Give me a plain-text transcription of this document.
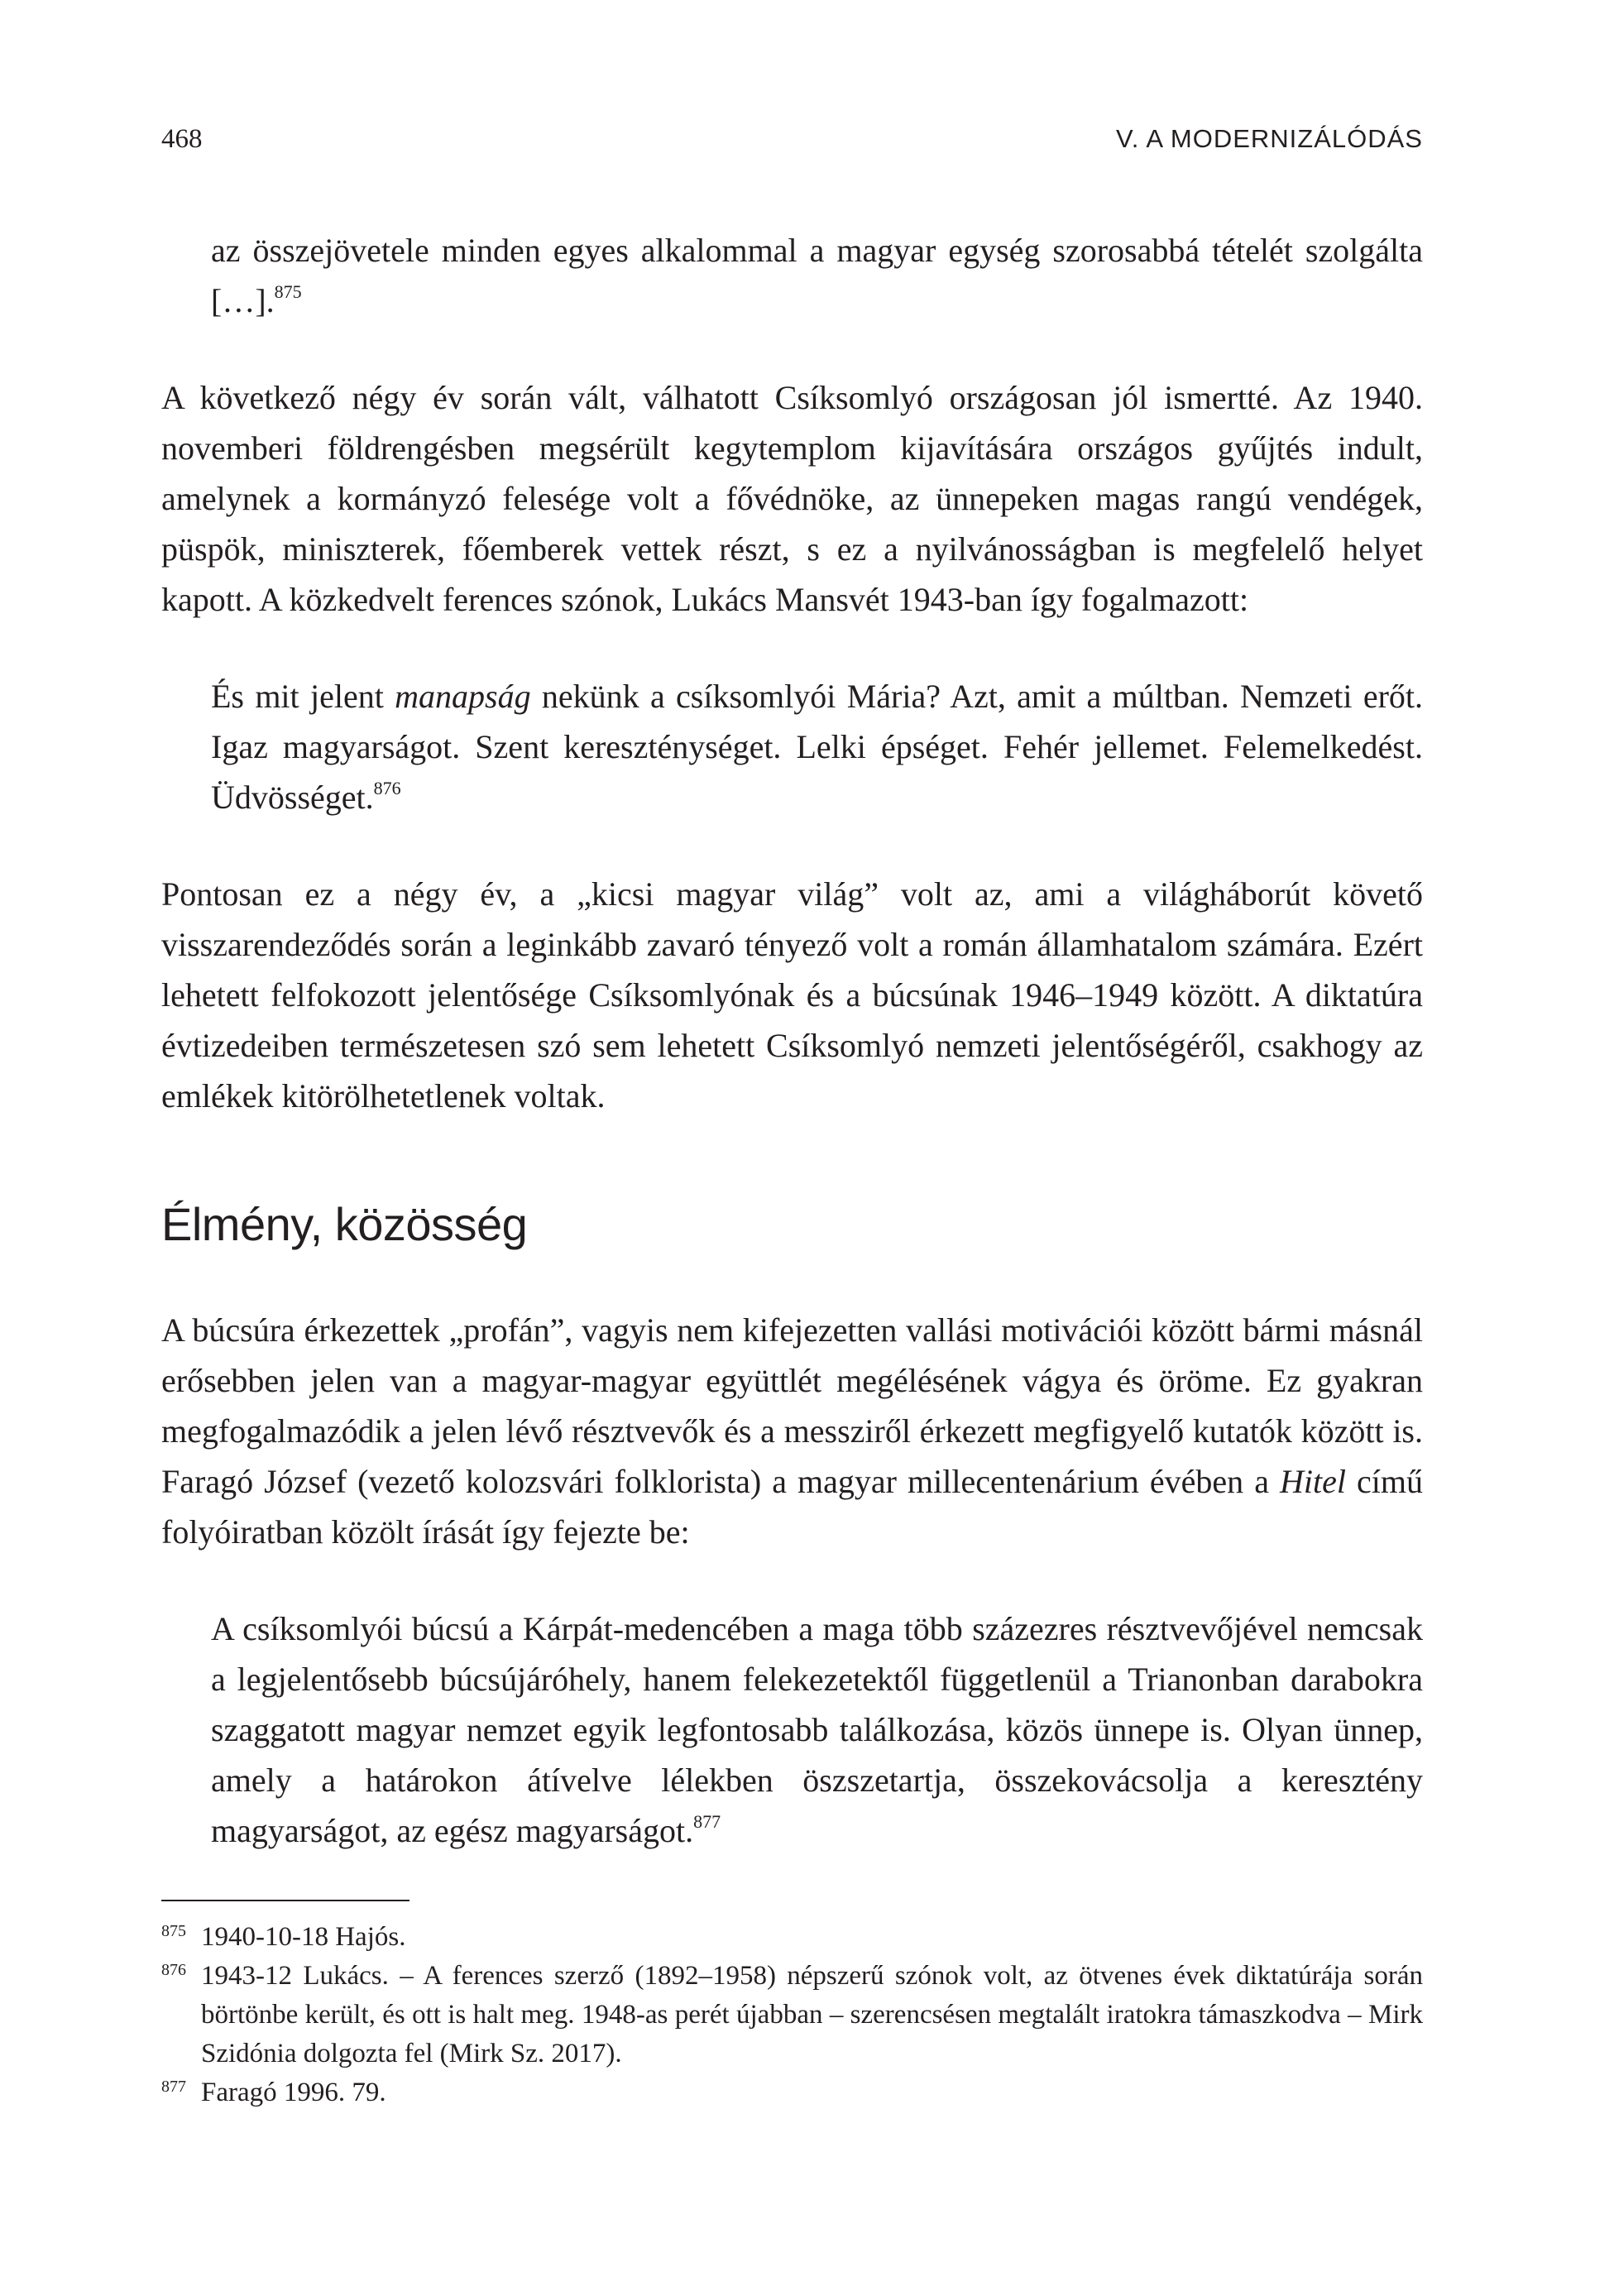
468	V. A MODERNIZÁLÓDÁS

az összejövetele minden egyes alkalommal a magyar egység szorosabbá tételét szolgálta […].$^{875}$

A következő négy év során vált, válhatott Csíksomlyó országosan jól ismertté. Az 1940. novemberi földrengésben megsérült kegytemplom kijavítására országos gyűjtés indult, amelynek a kormányzó felesége volt a fővédnöke, az ünnepeken magas rangú vendégek, püspök, miniszterek, főemberek vettek részt, s ez a nyilvánosságban is megfelelő helyet kapott. A közkedvelt ferences szónok, Lukács Mansvét 1943-ban így fogalmazott:

És mit jelent manapság nekünk a csíksomlyói Mária? Azt, amit a múltban. Nemzeti erőt. Igaz magyarságot. Szent kereszténységet. Lelki épséget. Fehér jellemet. Felemelkedést. Üdvösséget.$^{876}$

Pontosan ez a négy év, a „kicsi magyar világ” volt az, ami a világháborút követő visszarendeződés során a leginkább zavaró tényező volt a román államhatalom számára. Ezért lehetett felfokozott jelentősége Csíksomlyónak és a búcsúnak 1946–1949 között. A diktatúra évtizedeiben természetesen szó sem lehetett Csíksomlyó nemzeti jelentőségéről, csakhogy az emlékek kitörölhetetlenek voltak.

Élmény, közösség

A búcsúra érkezettek „profán”, vagyis nem kifejezetten vallási motivációi között bármi másnál erősebben jelen van a magyar-magyar együttlét megélésének vágya és öröme. Ez gyakran megfogalmazódik a jelen lévő résztvevők és a messziről érkezett megfigyelő kutatók között is. Faragó József (vezető kolozsvári folklorista) a magyar millecentenárium évében a Hitel című folyóiratban közölt írását így fejezte be:

A csíksomlyói búcsú a Kárpát-medencében a maga több százezres résztvevőjével nemcsak a legjelentősebb búcsújáróhely, hanem felekezetektől függetlenül a Trianonban darabokra szaggatott magyar nemzet egyik legfontosabb találkozása, közös ünnepe is. Olyan ünnep, amely a határokon átívelve lélekben öszszetartja, összekovácsolja a keresztény magyarságot, az egész magyarságot.$^{877}$

875 1940-10-18 Hajós.
876 1943-12 Lukács. – A ferences szerző (1892–1958) népszerű szónok volt, az ötvenes évek diktatúrája során börtönbe került, és ott is halt meg. 1948-as perét újabban – szerencsésen megtalált iratokra támaszkodva – Mirk Szidónia dolgozta fel (Mirk Sz. 2017).
877 Faragó 1996. 79.
